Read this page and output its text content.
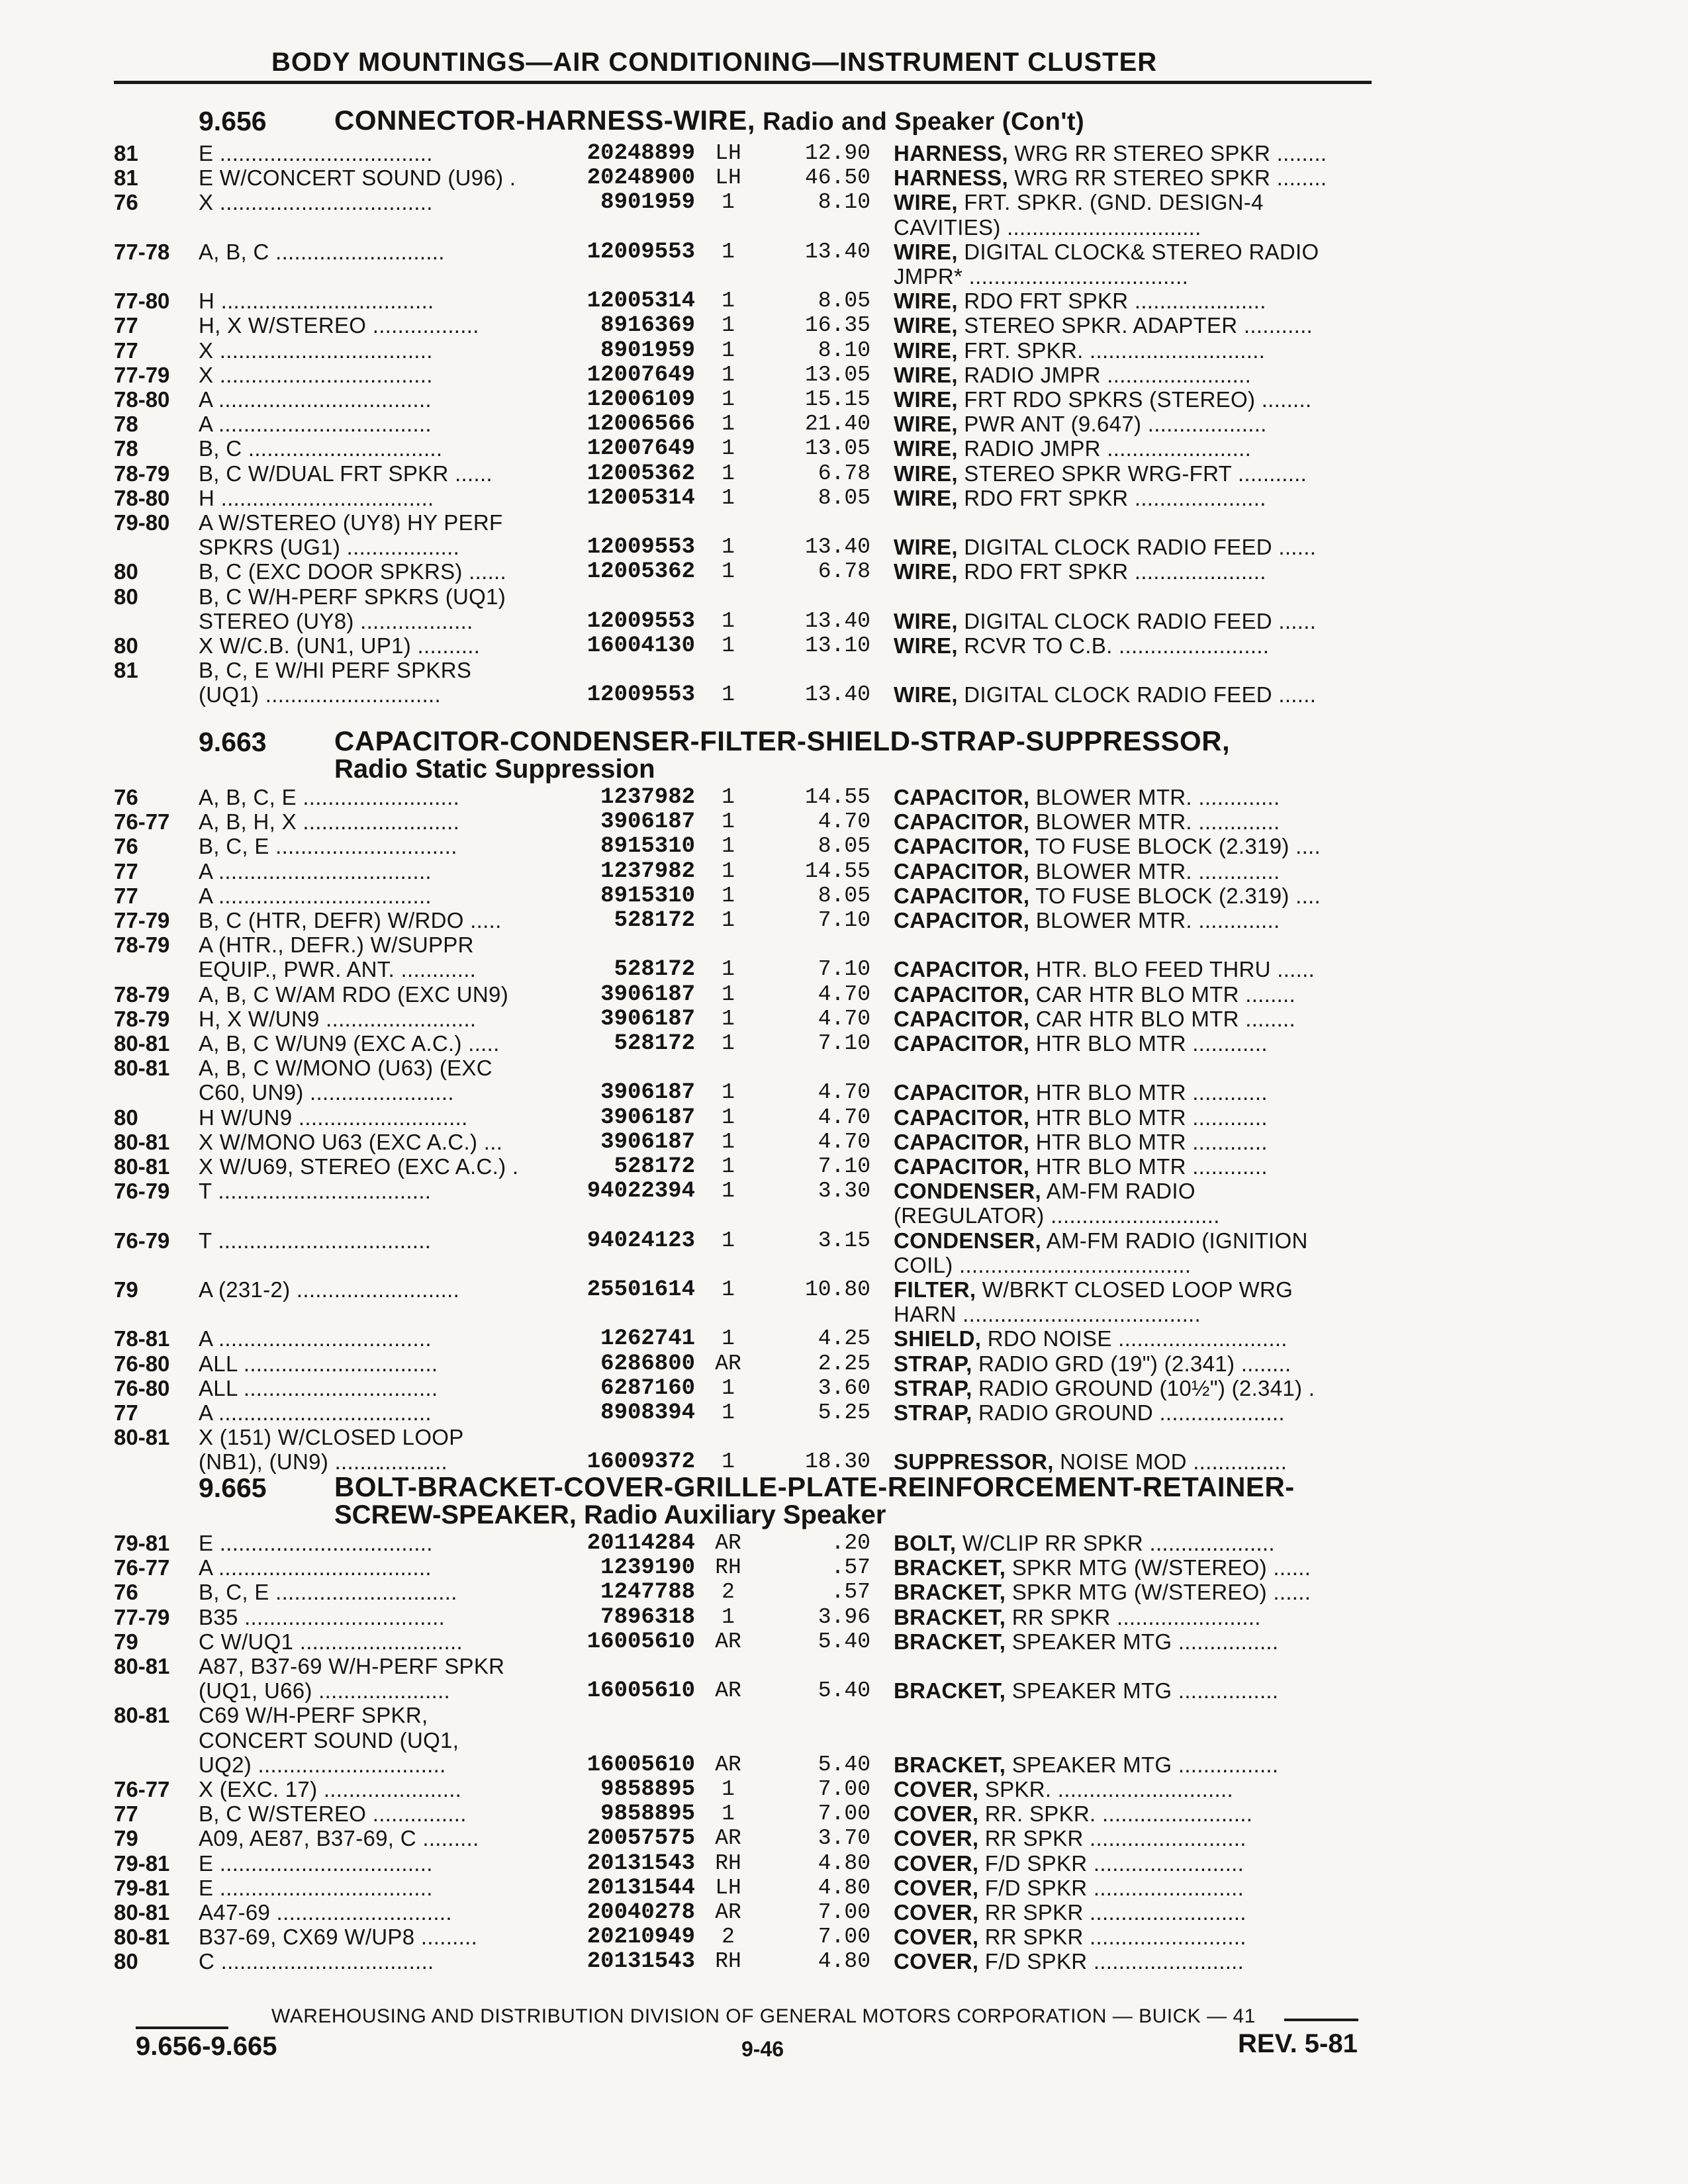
BODY MOUNTINGS—AIR CONDITIONING—INSTRUMENT CLUSTER
9.656 CONNECTOR-HARNESS-WIRE, Radio and Speaker (Con't)
81	E ..................................	20248899 LH	12.90 HARNESS, WRG RR STEREO SPKR ........
81	E W/CONCERT SOUND (U96) .	20248900 LH	46.50 HARNESS, WRG RR STEREO SPKR ........
76	X ..................................	8901959	1	8.10 WIRE, FRT. SPKR. (GND. DESIGN-4
CAVITIES) ...............................
77-78 A, B, C ...........................	12009553	1	13.40 WIRE, DIGITAL CLOCK& STEREO RADIO
JMPR* ...................................
77-80 H ..................................	12005314	1	8.05 WIRE, RDO FRT SPKR .....................
77	H, X W/STEREO .................	8916369	1	16.35 WIRE, STEREO SPKR. ADAPTER ...........
77	X ..................................	8901959	1	8.10 WIRE, FRT. SPKR. ............................
77-79 X ..................................	12007649	1	13.05 WIRE, RADIO JMPR .......................
78-80 A ..................................	12006109	1	15.15 WIRE, FRT RDO SPKRS (STEREO) ........
78	A ..................................	12006566	1	21.40 WIRE, PWR ANT (9.647) ...................
78	B, C ...............................	12007649	1	13.05 WIRE, RADIO JMPR .......................
78-79 B, C W/DUAL FRT SPKR ......	12005362	1	6.78 WIRE, STEREO SPKR WRG-FRT ...........
78-80 H ..................................	12005314	1	8.05 WIRE, RDO FRT SPKR .....................
79-80 A W/STEREO (UY8) HY PERF
SPKRS (UG1) ..................	12009553	1	13.40 WIRE, DIGITAL CLOCK RADIO FEED ......
80	B, C (EXC DOOR SPKRS) ......	12005362	1	6.78 WIRE, RDO FRT SPKR .....................
80	B, C W/H-PERF SPKRS (UQ1)
STEREO (UY8) ..................	12009553	1	13.40 WIRE, DIGITAL CLOCK RADIO FEED ......
80	X W/C.B. (UN1, UP1) ..........	16004130	1	13.10 WIRE, RCVR TO C.B. ........................
81	B, C, E W/HI PERF SPKRS
(UQ1) ............................	12009553	1	13.40 WIRE, DIGITAL CLOCK RADIO FEED ......
9.663 CAPACITOR-CONDENSER-FILTER-SHIELD-STRAP-SUPPRESSOR,
Radio Static Suppression
76	A, B, C, E .........................	1237982	1	14.55 CAPACITOR, BLOWER MTR. .............
76-77 A, B, H, X .........................	3906187	1	4.70 CAPACITOR, BLOWER MTR. .............
76	B, C, E .............................	8915310	1	8.05 CAPACITOR, TO FUSE BLOCK (2.319) ....
77	A ..................................	1237982	1	14.55 CAPACITOR, BLOWER MTR. .............
77	A ..................................	8915310	1	8.05 CAPACITOR, TO FUSE BLOCK (2.319) ....
77-79 B, C (HTR, DEFR) W/RDO .....	528172	1	7.10 CAPACITOR, BLOWER MTR. .............
78-79 A (HTR., DEFR.) W/SUPPR
EQUIP., PWR. ANT. ............	528172	1	7.10 CAPACITOR, HTR. BLO FEED THRU ......
78-79 A, B, C W/AM RDO (EXC UN9)	3906187	1	4.70 CAPACITOR, CAR HTR BLO MTR ........
78-79 H, X W/UN9 ........................	3906187	1	4.70 CAPACITOR, CAR HTR BLO MTR ........
80-81 A, B, C W/UN9 (EXC A.C.) .....	528172	1	7.10 CAPACITOR, HTR BLO MTR ............
80-81 A, B, C W/MONO (U63) (EXC
C60, UN9) .......................	3906187	1	4.70 CAPACITOR, HTR BLO MTR ............
80	H W/UN9 ...........................	3906187	1	4.70 CAPACITOR, HTR BLO MTR ............
80-81 X W/MONO U63 (EXC A.C.) ...	3906187	1	4.70 CAPACITOR, HTR BLO MTR ............
80-81 X W/U69, STEREO (EXC A.C.) .	528172	1	7.10 CAPACITOR, HTR BLO MTR ............
76-79 T ..................................	94022394	1	3.30 CONDENSER, AM-FM RADIO
(REGULATOR) ...........................
76-79 T ..................................	94024123	1	3.15 CONDENSER, AM-FM RADIO (IGNITION
COIL) .....................................
79	A (231-2) ..........................	25501614	1	10.80 FILTER, W/BRKT CLOSED LOOP WRG
HARN ......................................
78-81 A ..................................	1262741	1	4.25 SHIELD, RDO NOISE ...........................
76-80 ALL ...............................	6286800 AR	2.25 STRAP, RADIO GRD (19") (2.341) ........
76-80 ALL ...............................	6287160	1	3.60 STRAP, RADIO GROUND (10½") (2.341) .
77	A ..................................	8908394	1	5.25 STRAP, RADIO GROUND ....................
80-81 X (151) W/CLOSED LOOP
(NB1), (UN9) ..................	16009372	1	18.30 SUPPRESSOR, NOISE MOD ...............
9.665 BOLT-BRACKET-COVER-GRILLE-PLATE-REINFORCEMENT-RETAINER-
SCREW-SPEAKER, Radio Auxiliary Speaker
79-81 E ..................................	20114284 AR	.20 BOLT, W/CLIP RR SPKR ....................
76-77 A ..................................	1239190 RH	.57 BRACKET, SPKR MTG (W/STEREO) ......
76	B, C, E .............................	1247788	2	.57 BRACKET, SPKR MTG (W/STEREO) ......
77-79 B35 ................................	7896318	1	3.96 BRACKET, RR SPKR .......................
79	C W/UQ1 ..........................	16005610 AR	5.40 BRACKET, SPEAKER MTG ................
80-81 A87, B37-69 W/H-PERF SPKR
(UQ1, U66) .....................	16005610 AR	5.40 BRACKET, SPEAKER MTG ................
80-81 C69 W/H-PERF SPKR,
CONCERT SOUND (UQ1,
UQ2) ..............................	16005610 AR	5.40 BRACKET, SPEAKER MTG ................
76-77 X (EXC. 17) ......................	9858895	1	7.00 COVER, SPKR. ............................
77	B, C W/STEREO ...............	9858895	1	7.00 COVER, RR. SPKR. ........................
79	A09, AE87, B37-69, C .........	20057575 AR	3.70 COVER, RR SPKR .........................
79-81 E ..................................	20131543 RH	4.80 COVER, F/D SPKR ........................
79-81 E ..................................	20131544 LH	4.80 COVER, F/D SPKR ........................
80-81 A47-69 ............................	20040278 AR	7.00 COVER, RR SPKR .........................
80-81 B37-69, CX69 W/UP8 .........	20210949	2	7.00 COVER, RR SPKR .........................
80	C ..................................	20131543 RH	4.80 COVER, F/D SPKR ........................
WAREHOUSING AND DISTRIBUTION DIVISION OF GENERAL MOTORS CORPORATION — BUICK — 41
9.656-9.665	9-46	REV. 5-81
